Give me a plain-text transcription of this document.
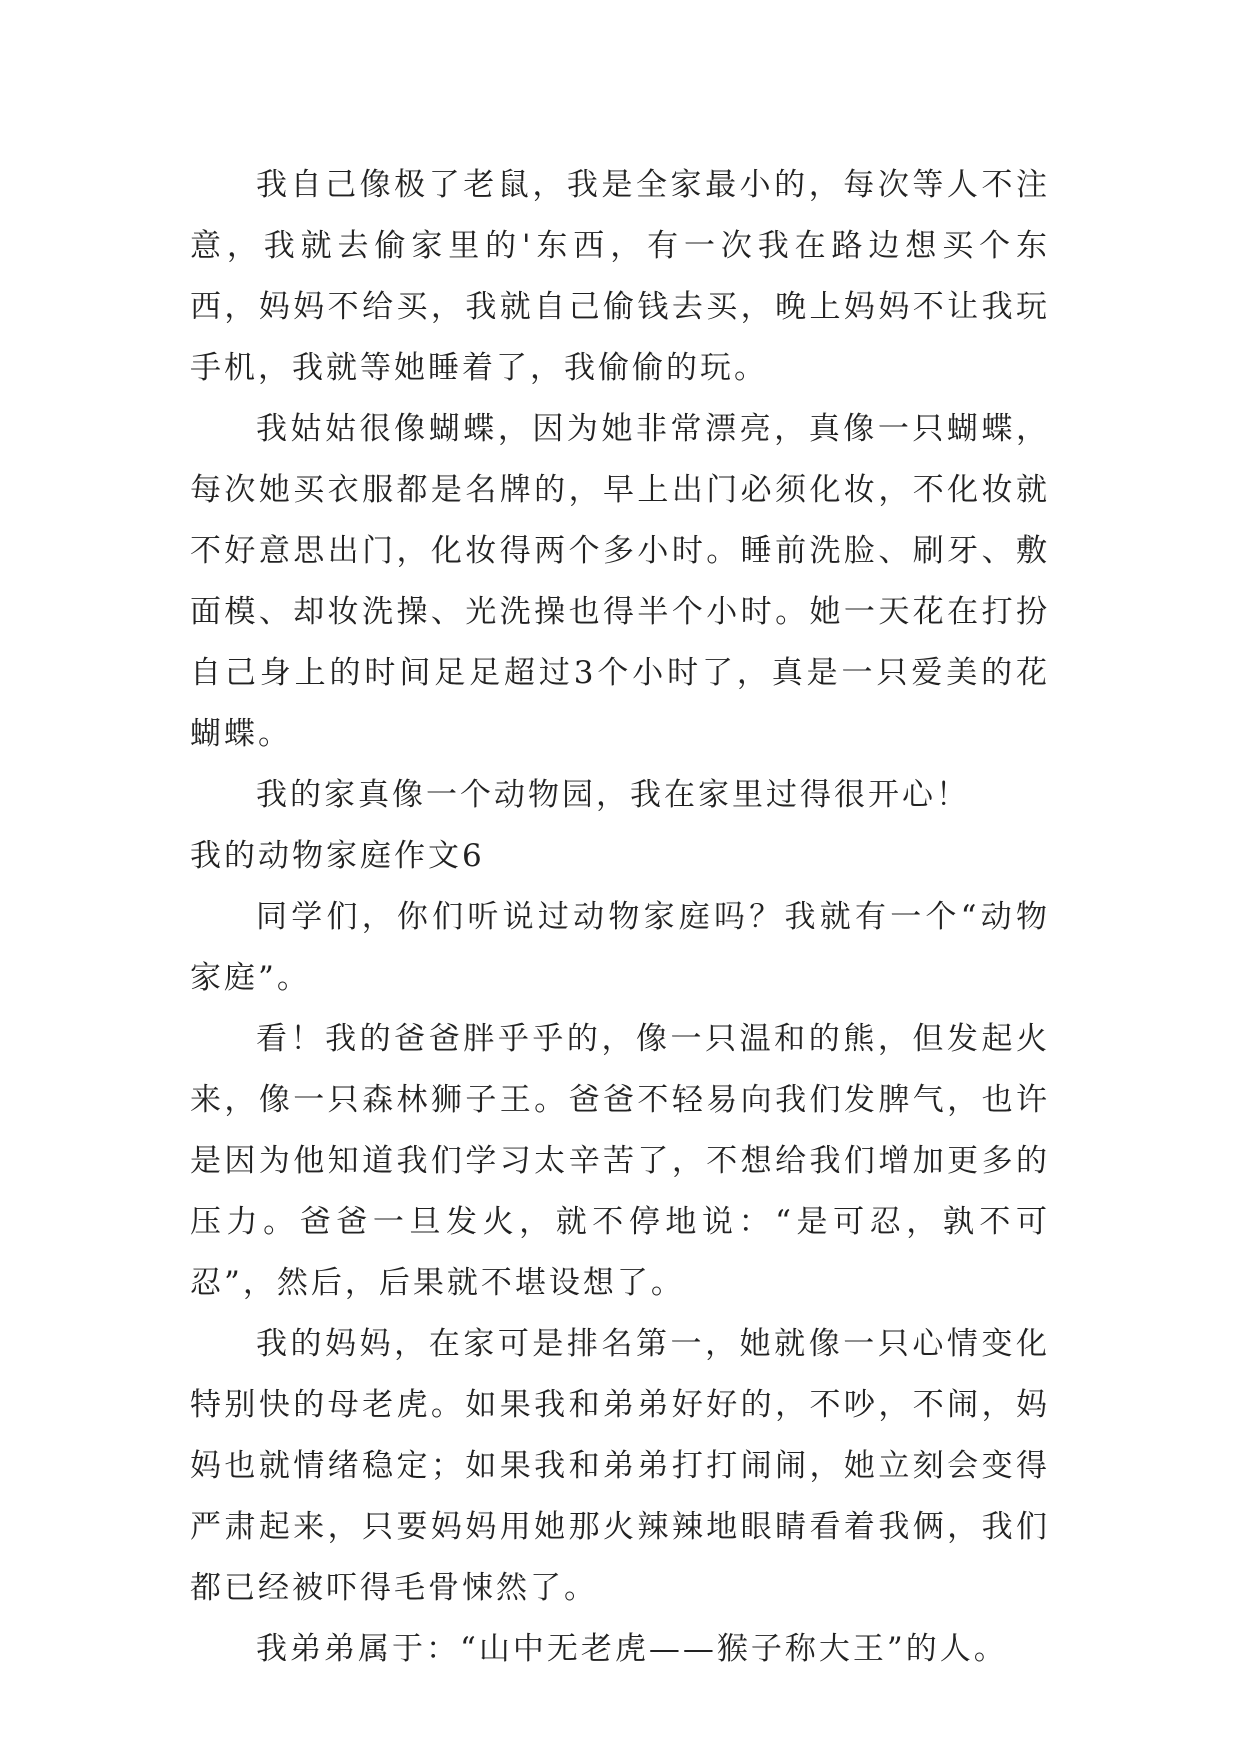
我自己像极了老鼠，我是全家最小的，每次等人不注意，我就去偷家里的'东西，有一次我在路边想买个东西，妈妈不给买，我就自己偷钱去买，晚上妈妈不让我玩手机，我就等她睡着了，我偷偷的玩。

我姑姑很像蝴蝶，因为她非常漂亮，真像一只蝴蝶，每次她买衣服都是名牌的，早上出门必须化妆，不化妆就不好意思出门，化妆得两个多小时。睡前洗脸、刷牙、敷面模、却妆洗操、光洗操也得半个小时。她一天花在打扮自己身上的时间足足超过3个小时了，真是一只爱美的花蝴蝶。

我的家真像一个动物园，我在家里过得很开心！

我的动物家庭作文6

同学们，你们听说过动物家庭吗？我就有一个“动物家庭”。

看！我的爸爸胖乎乎的，像一只温和的熊，但发起火来，像一只森林狮子王。爸爸不轻易向我们发脾气，也许是因为他知道我们学习太辛苦了，不想给我们增加更多的压力。爸爸一旦发火，就不停地说：“是可忍，孰不可忍”，然后，后果就不堪设想了。

我的妈妈，在家可是排名第一，她就像一只心情变化特别快的母老虎。如果我和弟弟好好的，不吵，不闹，妈妈也就情绪稳定；如果我和弟弟打打闹闹，她立刻会变得严肃起来，只要妈妈用她那火辣辣地眼睛看着我俩，我们都已经被吓得毛骨悚然了。

我弟弟属于：“山中无老虎——猴子称大王”的人。
